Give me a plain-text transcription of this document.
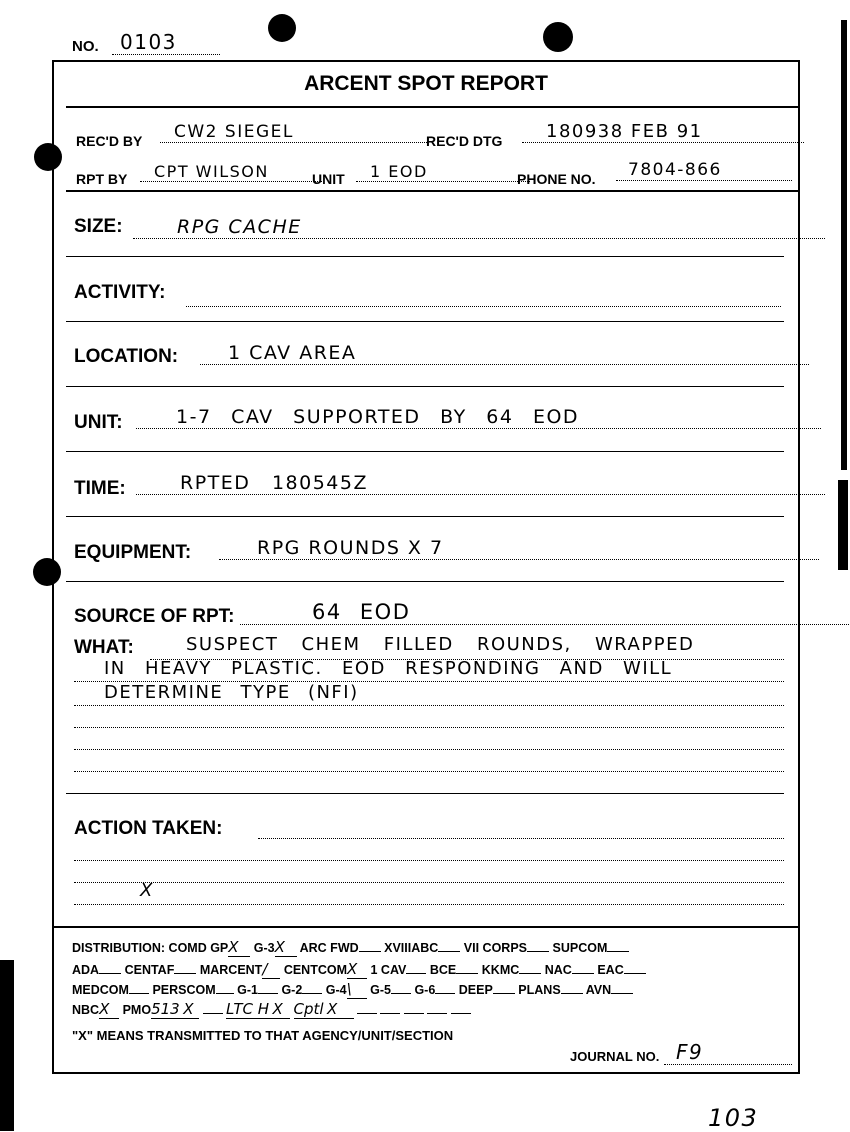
NO.	0103
ARCENT SPOT REPORT
REC'D BY	CW2 SIEGEL	REC'D DTG	180938 FEB 91
RPT BY	CPT WILSON	UNIT	1 EOD	PHONE NO.	7804-866
SIZE:	RPG CACHE
ACTIVITY:
LOCATION:	1 CAV AREA
UNIT:	1-7 CAV SUPPORTED BY 64 EOD
TIME:	RPTED 180545Z
EQUIPMENT:	RPG ROUNDS X 7
SOURCE OF RPT:	64 EOD
WHAT:	SUSPECT CHEM FILLED ROUNDS, WRAPPED
IN HEAVY PLASTIC. EOD RESPONDING AND WILL
DETERMINE TYPE (NFI)
ACTION TAKEN:
X
DISTRIBUTION: COMD GPX G-3X ARC FWD XVIIIABC VII CORPS SUPCOM
ADA CENTAF MARCENT/ CENTCOMX 1 CAV BCE KKMC NAC EAC
MEDCOM PERSCOM G-1 G-2 G-4\ G-5 G-6 DEEP PLANS AVN
NBCX PMO513 X LTC H X Cptl X
"X" MEANS TRANSMITTED TO THAT AGENCY/UNIT/SECTION
JOURNAL NO. F9
103
